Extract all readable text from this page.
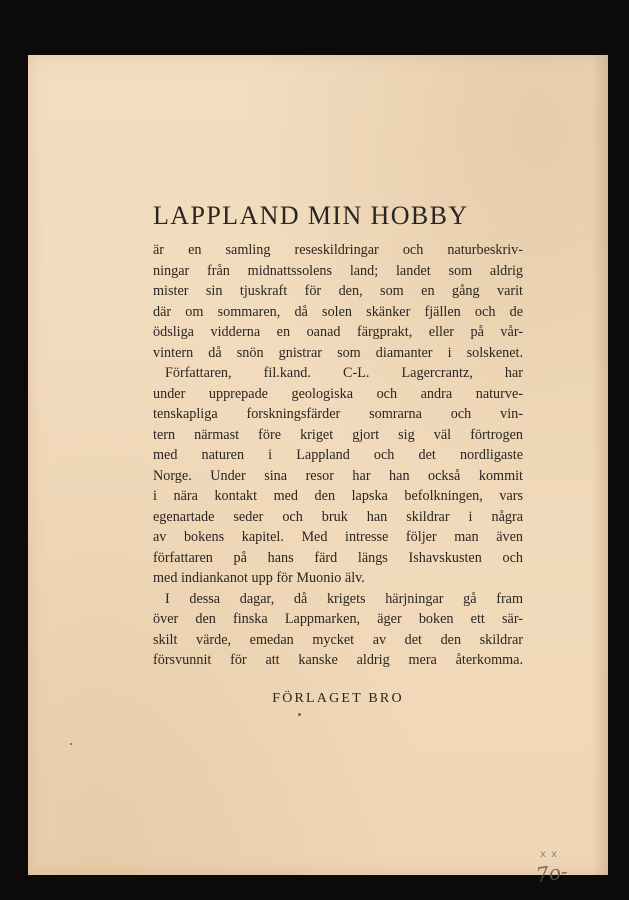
LAPPLAND MIN HOBBY
är en samling reseskildringar och naturbeskriv-
ningar från midnattssolens land; landet som aldrig
mister sin tjuskraft för den, som en gång varit
där om sommaren, då solen skänker fjällen och de
ödsliga vidderna en oanad färgprakt, eller på vår-
vintern då snön gnistrar som diamanter i solskenet.
Författaren, fil.kand. C-L. Lagercrantz, har
under upprepade geologiska och andra naturve-
tenskapliga forskningsfärder somrarna och vin-
tern närmast före kriget gjort sig väl förtrogen
med naturen i Lappland och det nordligaste
Norge. Under sina resor har han också kommit
i nära kontakt med den lapska befolkningen, vars
egenartade seder och bruk han skildrar i några
av bokens kapitel. Med intresse följer man även
författaren på hans färd längs Ishavskusten och
med indiankanot upp för Muonio älv.
I dessa dagar, då krigets härjningar gå fram
över den finska Lappmarken, äger boken ett sär-
skilt värde, emedan mycket av det den skildrar
försvunnit för att kanske aldrig mera återkomma.
FÖRLAGET BRO
x x
7o-
